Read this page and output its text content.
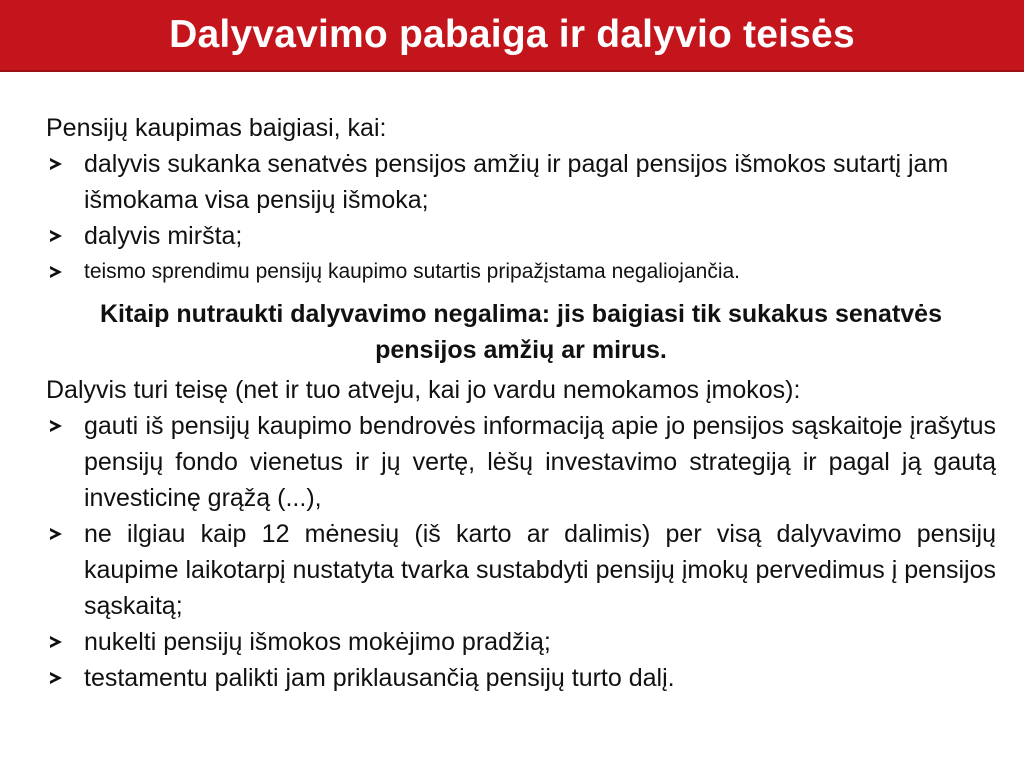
Dalyvavimo pabaiga ir dalyvio teisės

Pensijų kaupimas baigiasi, kai:

dalyvis sukanka senatvės pensijos amžių ir pagal pensijos išmokos sutartį jam išmokama visa pensijų išmoka;
dalyvis miršta;
teismo sprendimu pensijų kaupimo sutartis pripažįstama negaliojančia.
Kitaip nutraukti dalyvavimo negalima: jis baigiasi tik sukakus senatvės pensijos amžių ar mirus.

Dalyvis turi teisę (net ir tuo atveju, kai jo vardu nemokamos įmokos):

gauti iš pensijų kaupimo bendrovės informaciją apie jo pensijos sąskaitoje įrašytus pensijų fondo vienetus ir jų vertę, lėšų investavimo strategiją ir pagal ją gautą investicinę grąžą (...),
ne ilgiau kaip 12 mėnesių (iš karto ar dalimis) per visą dalyvavimo pensijų kaupime laikotarpį nustatyta tvarka sustabdyti pensijų įmokų pervedimus į pensijos sąskaitą;
nukelti pensijų išmokos mokėjimo pradžią;
testamentu palikti jam priklausančią pensijų turto dalį.
